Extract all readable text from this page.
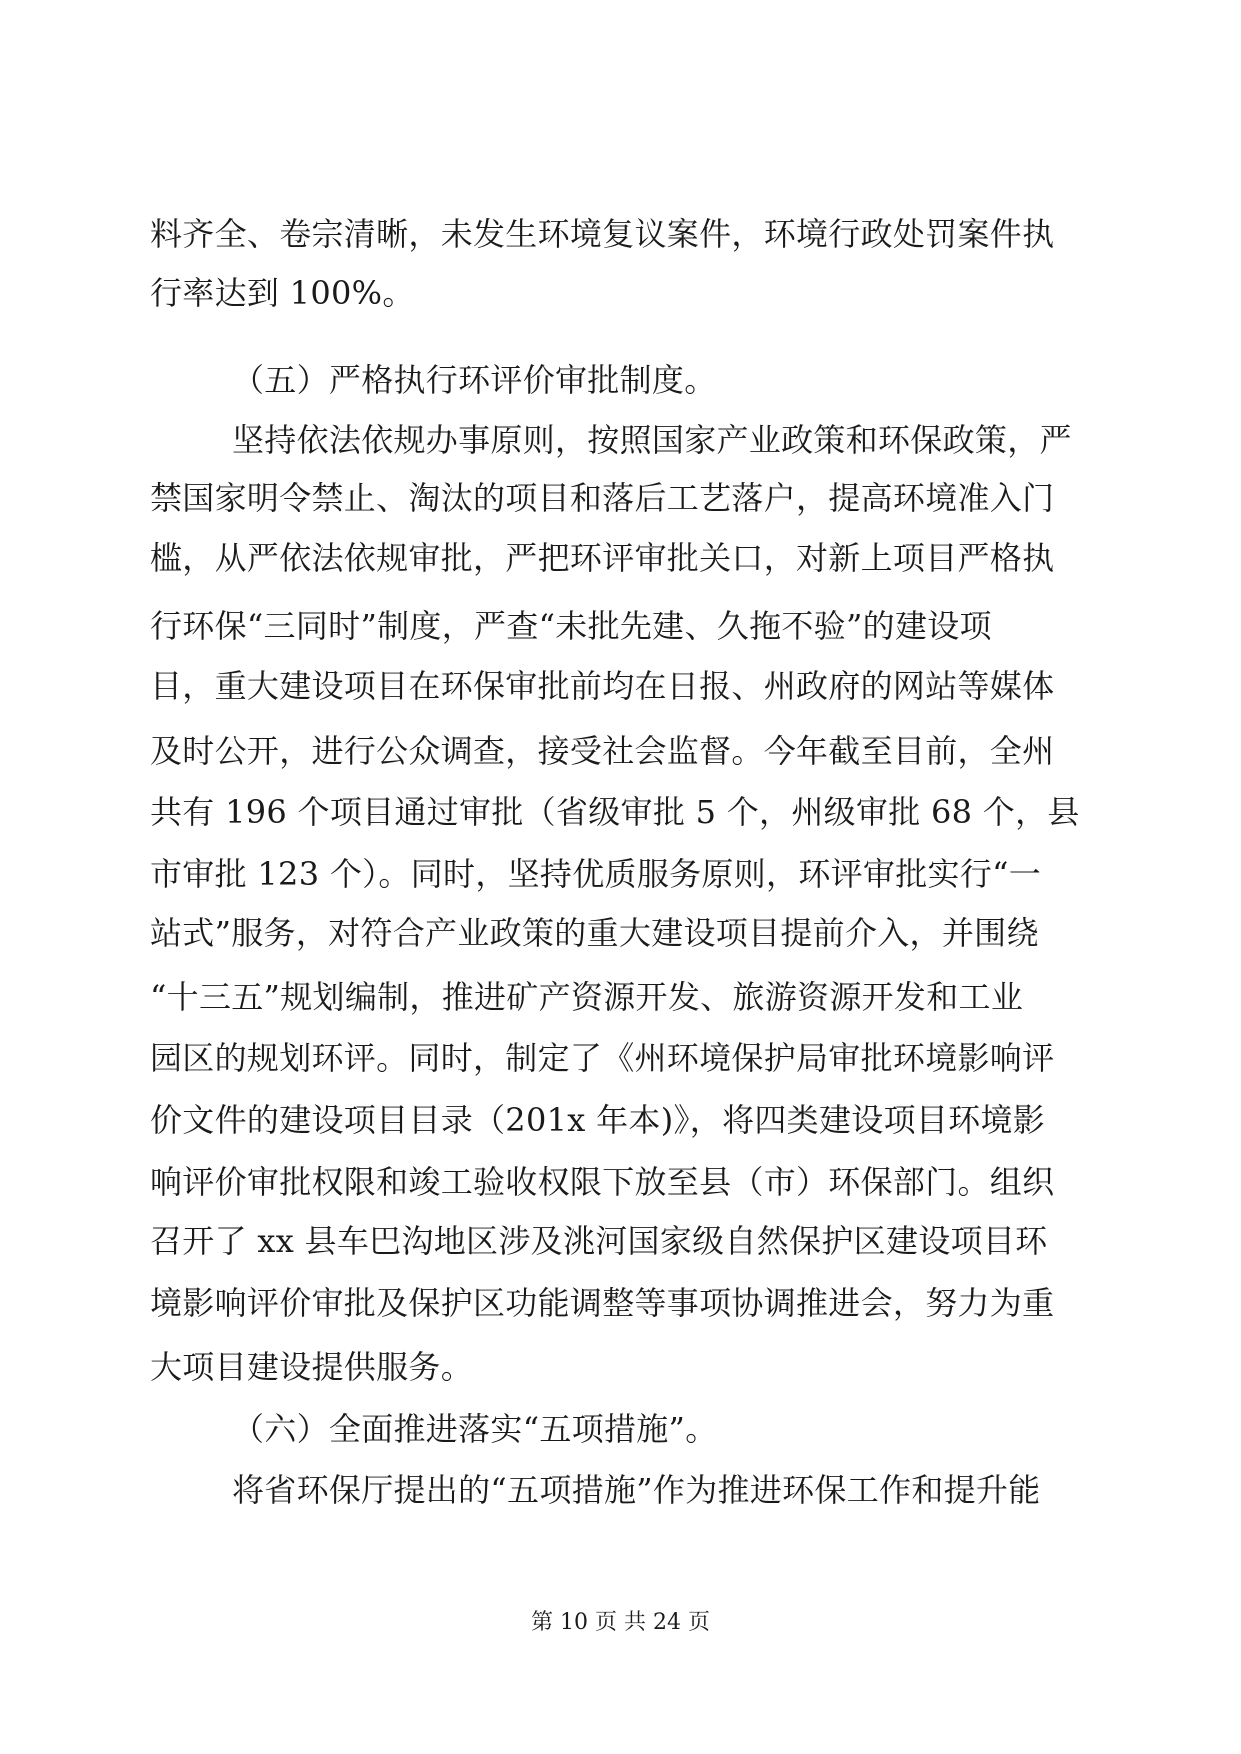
料齐全、卷宗清晰，未发生环境复议案件，环境行政处罚案件执
行率达到 100%。
（五）严格执行环评价审批制度。
坚持依法依规办事原则，按照国家产业政策和环保政策，严
禁国家明令禁止、淘汰的项目和落后工艺落户，提高环境准入门
槛，从严依法依规审批，严把环评审批关口，对新上项目严格执
行环保“三同时”制度，严查“未批先建、久拖不验”的建设项
目，重大建设项目在环保审批前均在日报、州政府的网站等媒体
及时公开，进行公众调查，接受社会监督。今年截至目前，全州
共有 196 个项目通过审批（省级审批 5 个，州级审批 68 个，县
市审批 123 个）。同时，坚持优质服务原则，环评审批实行“一
站式”服务，对符合产业政策的重大建设项目提前介入，并围绕
“十三五”规划编制，推进矿产资源开发、旅游资源开发和工业
园区的规划环评。同时，制定了《州环境保护局审批环境影响评
价文件的建设项目目录（201x 年本)》，将四类建设项目环境影
响评价审批权限和竣工验收权限下放至县（市）环保部门。组织
召开了 xx 县车巴沟地区涉及洮河国家级自然保护区建设项目环
境影响评价审批及保护区功能调整等事项协调推进会，努力为重
大项目建设提供服务。
（六）全面推进落实“五项措施”。
将省环保厅提出的“五项措施”作为推进环保工作和提升能
第 10 页 共 24 页
